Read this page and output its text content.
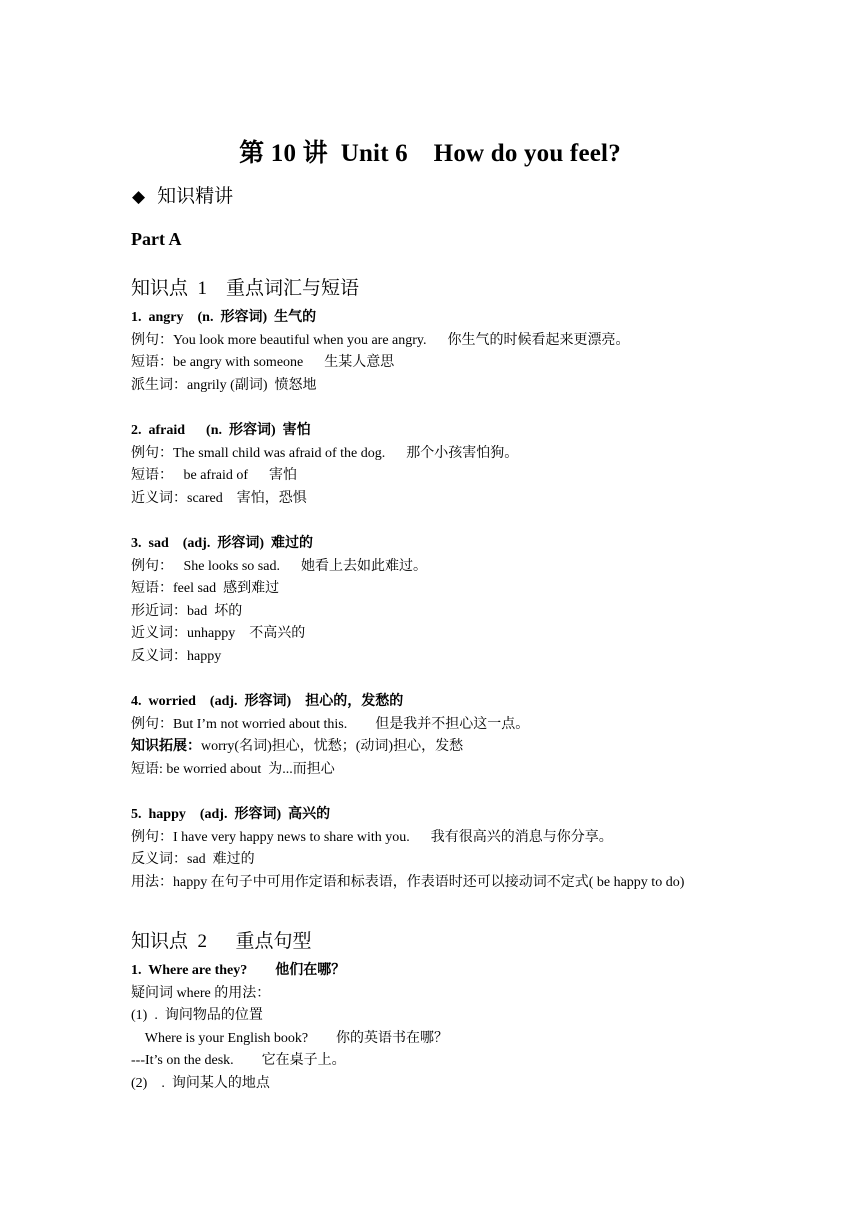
第 10 讲  Unit 6    How do you feel?
◆ 知识精讲
Part A
知识点  1    重点词汇与短语
1.  angry    (n.  形容词)  生气的
例句：You look more beautiful when you are angry.      你生气的时候看起来更漂亮。
短语：be angry with someone      生某人意思
派生词：angrily (副词)  愤怒地
2.  afraid      (n.  形容词)  害怕
例句：The small child was afraid of the dog.      那个小孩害怕狗。
短语：   be afraid of      害怕
近义词：scared    害怕，恐惧
3.  sad    (adj.  形容词)  难过的
例句：   She looks so sad.      她看上去如此难过。
短语：feel sad  感到难过
形近词：bad  坏的
近义词：unhappy    不高兴的
反义词：happy
4.  worried    (adj.  形容词)    担心的，发愁的
例句：But I’m not worried about this.        但是我并不担心这一点。
知识拓展：worry(名词)担心，忧愁；(动词)担心，发愁
短语: be worried about  为...而担心
5.  happy    (adj.  形容词)  高兴的
例句：I have very happy news to share with you.      我有很高兴的消息与你分享。
反义词：sad  难过的
用法：happy 在句子中可用作定语和标表语，作表语时还可以接动词不定式( be happy to do)
知识点  2      重点句型
1.  Where are they?        他们在哪？
疑问词 where 的用法：
(1)  .  询问物品的位置
Where is your English book?        你的英语书在哪？
---It’s on the desk.        它在桌子上。
(2)    .  询问某人的地点
